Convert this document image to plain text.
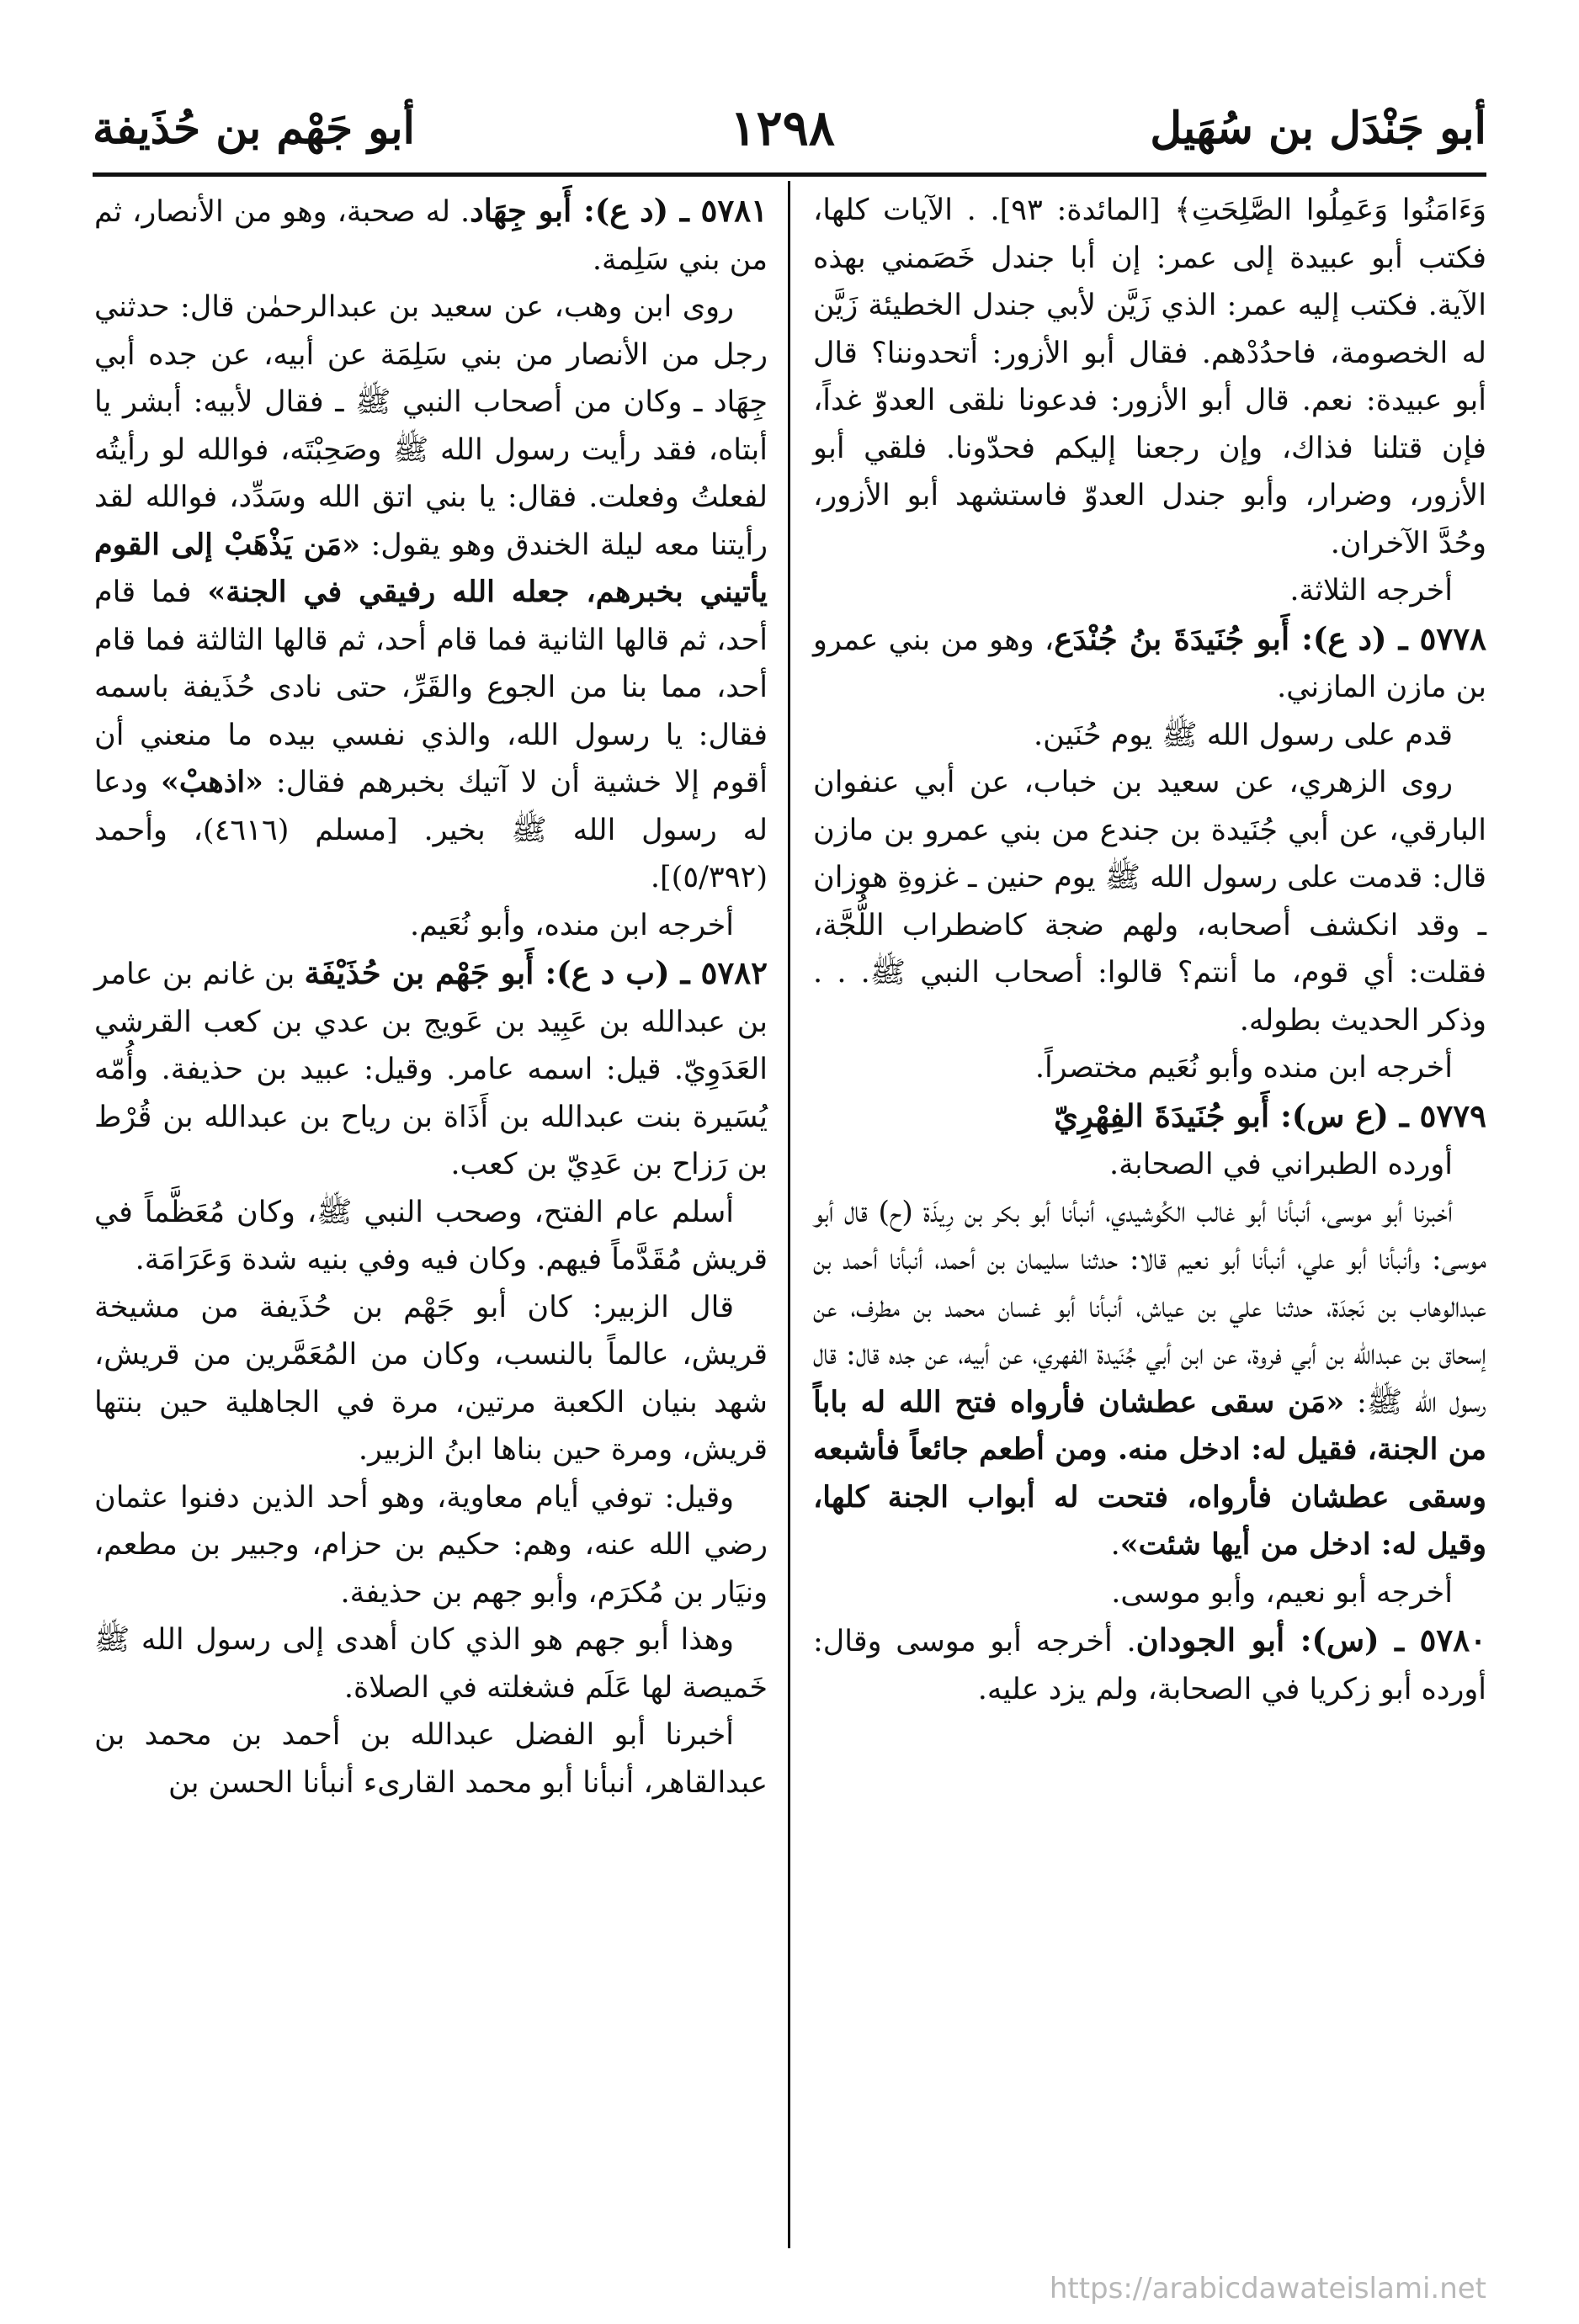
أبو جَنْدَل بن سُهَيل
١٢٩٨
أبو جَهْم بن حُذَيفة

وَءَامَنُوا وَعَمِلُوا الصَّلِحَتِ﴾ [المائدة: ٩٣]. . الآيات كلها، فكتب أبو عبيدة إلى عمر: إن أبا جندل خَصَمني بهذه الآية. فكتب إليه عمر: الذي زَيَّن لأبي جندل الخطيئة زَيَّن له الخصومة، فاحدُدْهم. فقال أبو الأزور: أتحدوننا؟ قال أبو عبيدة: نعم. قال أبو الأزور: فدعونا نلقى العدوّ غداً، فإن قتلنا فذاك، وإن رجعنا إليكم فحدّونا. فلقي أبو الأزور، وضرار، وأبو جندل العدوّ فاستشهد أبو الأزور، وحُدَّ الآخران.

أخرجه الثلاثة.

٥٧٧٨ ـ (د ع): أَبو جُنَيدَةَ بنُ جُنْدَع، وهو من بني عمرو بن مازن المازني.

قدم على رسول الله ﷺ يوم حُنَين.

روى الزهري، عن سعيد بن خباب، عن أبي عنفوان البارقي، عن أبي جُنَيدة بن جندع من بني عمرو بن مازن قال: قدمت على رسول الله ﷺ يوم حنين ـ غزوةِ هوزان ـ وقد انكشف أصحابه، ولهم ضجة كاضطراب اللُّجَّة، فقلت: أي قوم، ما أنتم؟ قالوا: أصحاب النبي ﷺ. . . وذكر الحديث بطوله.

أخرجه ابن منده وأبو نُعَيم مختصراً.

٥٧٧٩ ـ (ع س): أَبو جُنَيدَةَ الفِهْرِيّ

أورده الطبراني في الصحابة.

أخبرنا أبو موسى، أنبأنا أبو غالب الكُوشيدي، أنبأنا أبو بكر بن رِيذَة (ح) قال أبو موسى: وأنبأنا أبو علي، أنبأنا أبو نعيم قالا: حدثنا سليمان بن أحمد، أنبأنا أحمد بن عبدالوهاب بن نَجدَة، حدثنا علي بن عياش، أنبأنا أبو غسان محمد بن مطرف، عن إسحاق بن عبدالله بن أبي فروة، عن ابن أبي جُنَيدة الفهري، عن أبيه، عن جده قال: قال رسول الله ﷺ: «مَن سقى عطشان فأرواه فتح الله له باباً من الجنة، فقيل له: ادخل منه. ومن أطعم جائعاً فأشبعه وسقى عطشان فأرواه، فتحت له أبواب الجنة كلها، وقيل له: ادخل من أيها شئت».

أخرجه أبو نعيم، وأبو موسى.

٥٧٨٠ ـ (س): أبو الجودان. أخرجه أبو موسى وقال: أورده أبو زكريا في الصحابة، ولم يزد عليه.

٥٧٨١ ـ (د ع): أَبو جِهَاد. له صحبة، وهو من الأنصار، ثم من بني سَلِمة.

روى ابن وهب، عن سعيد بن عبدالرحمٰن قال: حدثني رجل من الأنصار من بني سَلِمَة عن أبيه، عن جده أبي جِهَاد ـ وكان من أصحاب النبي ﷺ ـ فقال لأبيه: أبشر يا أبتاه، فقد رأيت رسول الله ﷺ وصَحِبْتَه، فوالله لو رأيتُه لفعلتُ وفعلت. فقال: يا بني اتق الله وسَدِّد، فوالله لقد رأيتنا معه ليلة الخندق وهو يقول: «مَن يَذْهَبْ إلى القوم يأتيني بخبرهم، جعله الله رفيقي في الجنة» فما قام أحد، ثم قالها الثانية فما قام أحد، ثم قالها الثالثة فما قام أحد، مما بنا من الجوع والقَرِّ، حتى نادى حُذَيفة باسمه فقال: يا رسول الله، والذي نفسي بيده ما منعني أن أقوم إلا خشية أن لا آتيك بخبرهم فقال: «اذهبْ» ودعا له رسول الله ﷺ بخير. [مسلم (٤٦١٦)، وأحمد (٥/٣٩٢)].

أخرجه ابن منده، وأبو نُعَيم.

٥٧٨٢ ـ (ب د ع): أَبو جَهْم بن حُذَيْفَة بن غانم بن عامر بن عبدالله بن عَبِيد بن عَويج بن عدي بن كعب القرشي العَدَوِيّ. قيل: اسمه عامر. وقيل: عبيد بن حذيفة. وأُمّه يُسَيرة بنت عبدالله بن أَذَاة بن رياح بن عبدالله بن قُرْط بن رَزاح بن عَدِيّ بن كعب.

أسلم عام الفتح، وصحب النبي ﷺ، وكان مُعَظَّماً في قريش مُقَدَّماً فيهم. وكان فيه وفي بنيه شدة وَعَرَامَة.

قال الزبير: كان أبو جَهْم بن حُذَيفة من مشيخة قريش، عالماً بالنسب، وكان من المُعَمَّرين من قريش، شهد بنيان الكعبة مرتين، مرة في الجاهلية حين بنتها قريش، ومرة حين بناها ابنُ الزبير.

وقيل: توفي أيام معاوية، وهو أحد الذين دفنوا عثمان رضي الله عنه، وهم: حكيم بن حزام، وجبير بن مطعم، ونيَار بن مُكرَم، وأبو جهم بن حذيفة.

وهذا أبو جهم هو الذي كان أهدى إلى رسول الله ﷺ خَميصة لها عَلَم فشغلته في الصلاة.

أخبرنا أبو الفضل عبدالله بن أحمد بن محمد بن عبدالقاهر، أنبأنا أبو محمد القارىء أنبأنا الحسن بن

https://arabicdawateislami.net
